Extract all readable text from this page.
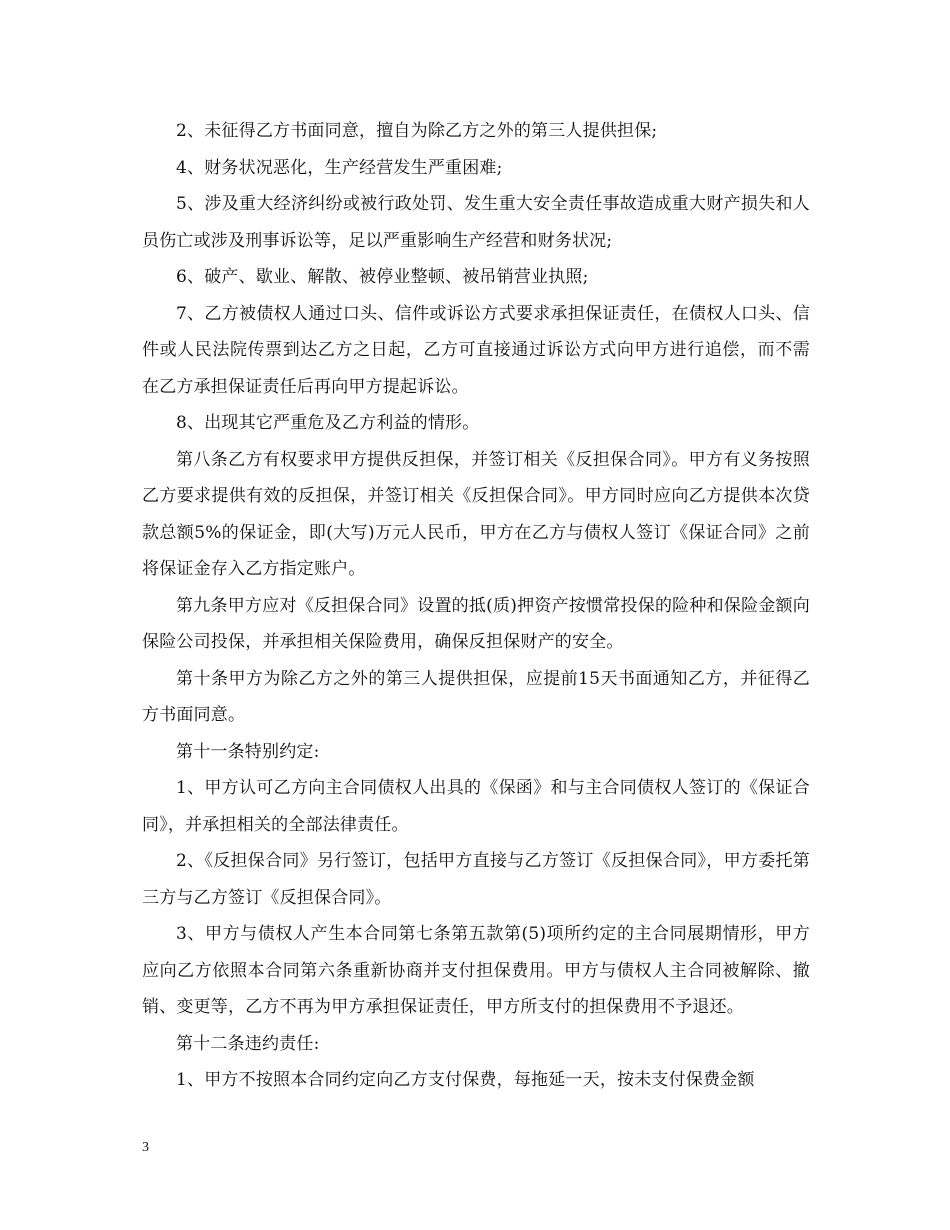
2、未征得乙方书面同意，擅自为除乙方之外的第三人提供担保;

4、财务状况恶化，生产经营发生严重困难;

5、涉及重大经济纠纷或被行政处罚、发生重大安全责任事故造成重大财产损失和人员伤亡或涉及刑事诉讼等，足以严重影响生产经营和财务状况;

6、破产、歇业、解散、被停业整顿、被吊销营业执照;

7、乙方被债权人通过口头、信件或诉讼方式要求承担保证责任，在债权人口头、信件或人民法院传票到达乙方之日起，乙方可直接通过诉讼方式向甲方进行追偿，而不需在乙方承担保证责任后再向甲方提起诉讼。

8、出现其它严重危及乙方利益的情形。

第八条乙方有权要求甲方提供反担保，并签订相关《反担保合同》。甲方有义务按照乙方要求提供有效的反担保，并签订相关《反担保合同》。甲方同时应向乙方提供本次贷款总额5%的保证金，即(大写)万元人民币，甲方在乙方与债权人签订《保证合同》之前将保证金存入乙方指定账户。

第九条甲方应对《反担保合同》设置的抵(质)押资产按惯常投保的险种和保险金额向保险公司投保，并承担相关保险费用，确保反担保财产的安全。

第十条甲方为除乙方之外的第三人提供担保，应提前15天书面通知乙方，并征得乙方书面同意。

第十一条特别约定:

1、甲方认可乙方向主合同债权人出具的《保函》和与主合同债权人签订的《保证合同》，并承担相关的全部法律责任。

2、《反担保合同》另行签订，包括甲方直接与乙方签订《反担保合同》，甲方委托第三方与乙方签订《反担保合同》。

3、甲方与债权人产生本合同第七条第五款第(5)项所约定的主合同展期情形，甲方应向乙方依照本合同第六条重新协商并支付担保费用。甲方与债权人主合同被解除、撤销、变更等，乙方不再为甲方承担保证责任，甲方所支付的担保费用不予退还。

第十二条违约责任:

1、甲方不按照本合同约定向乙方支付保费，每拖延一天，按未支付保费金额

3
